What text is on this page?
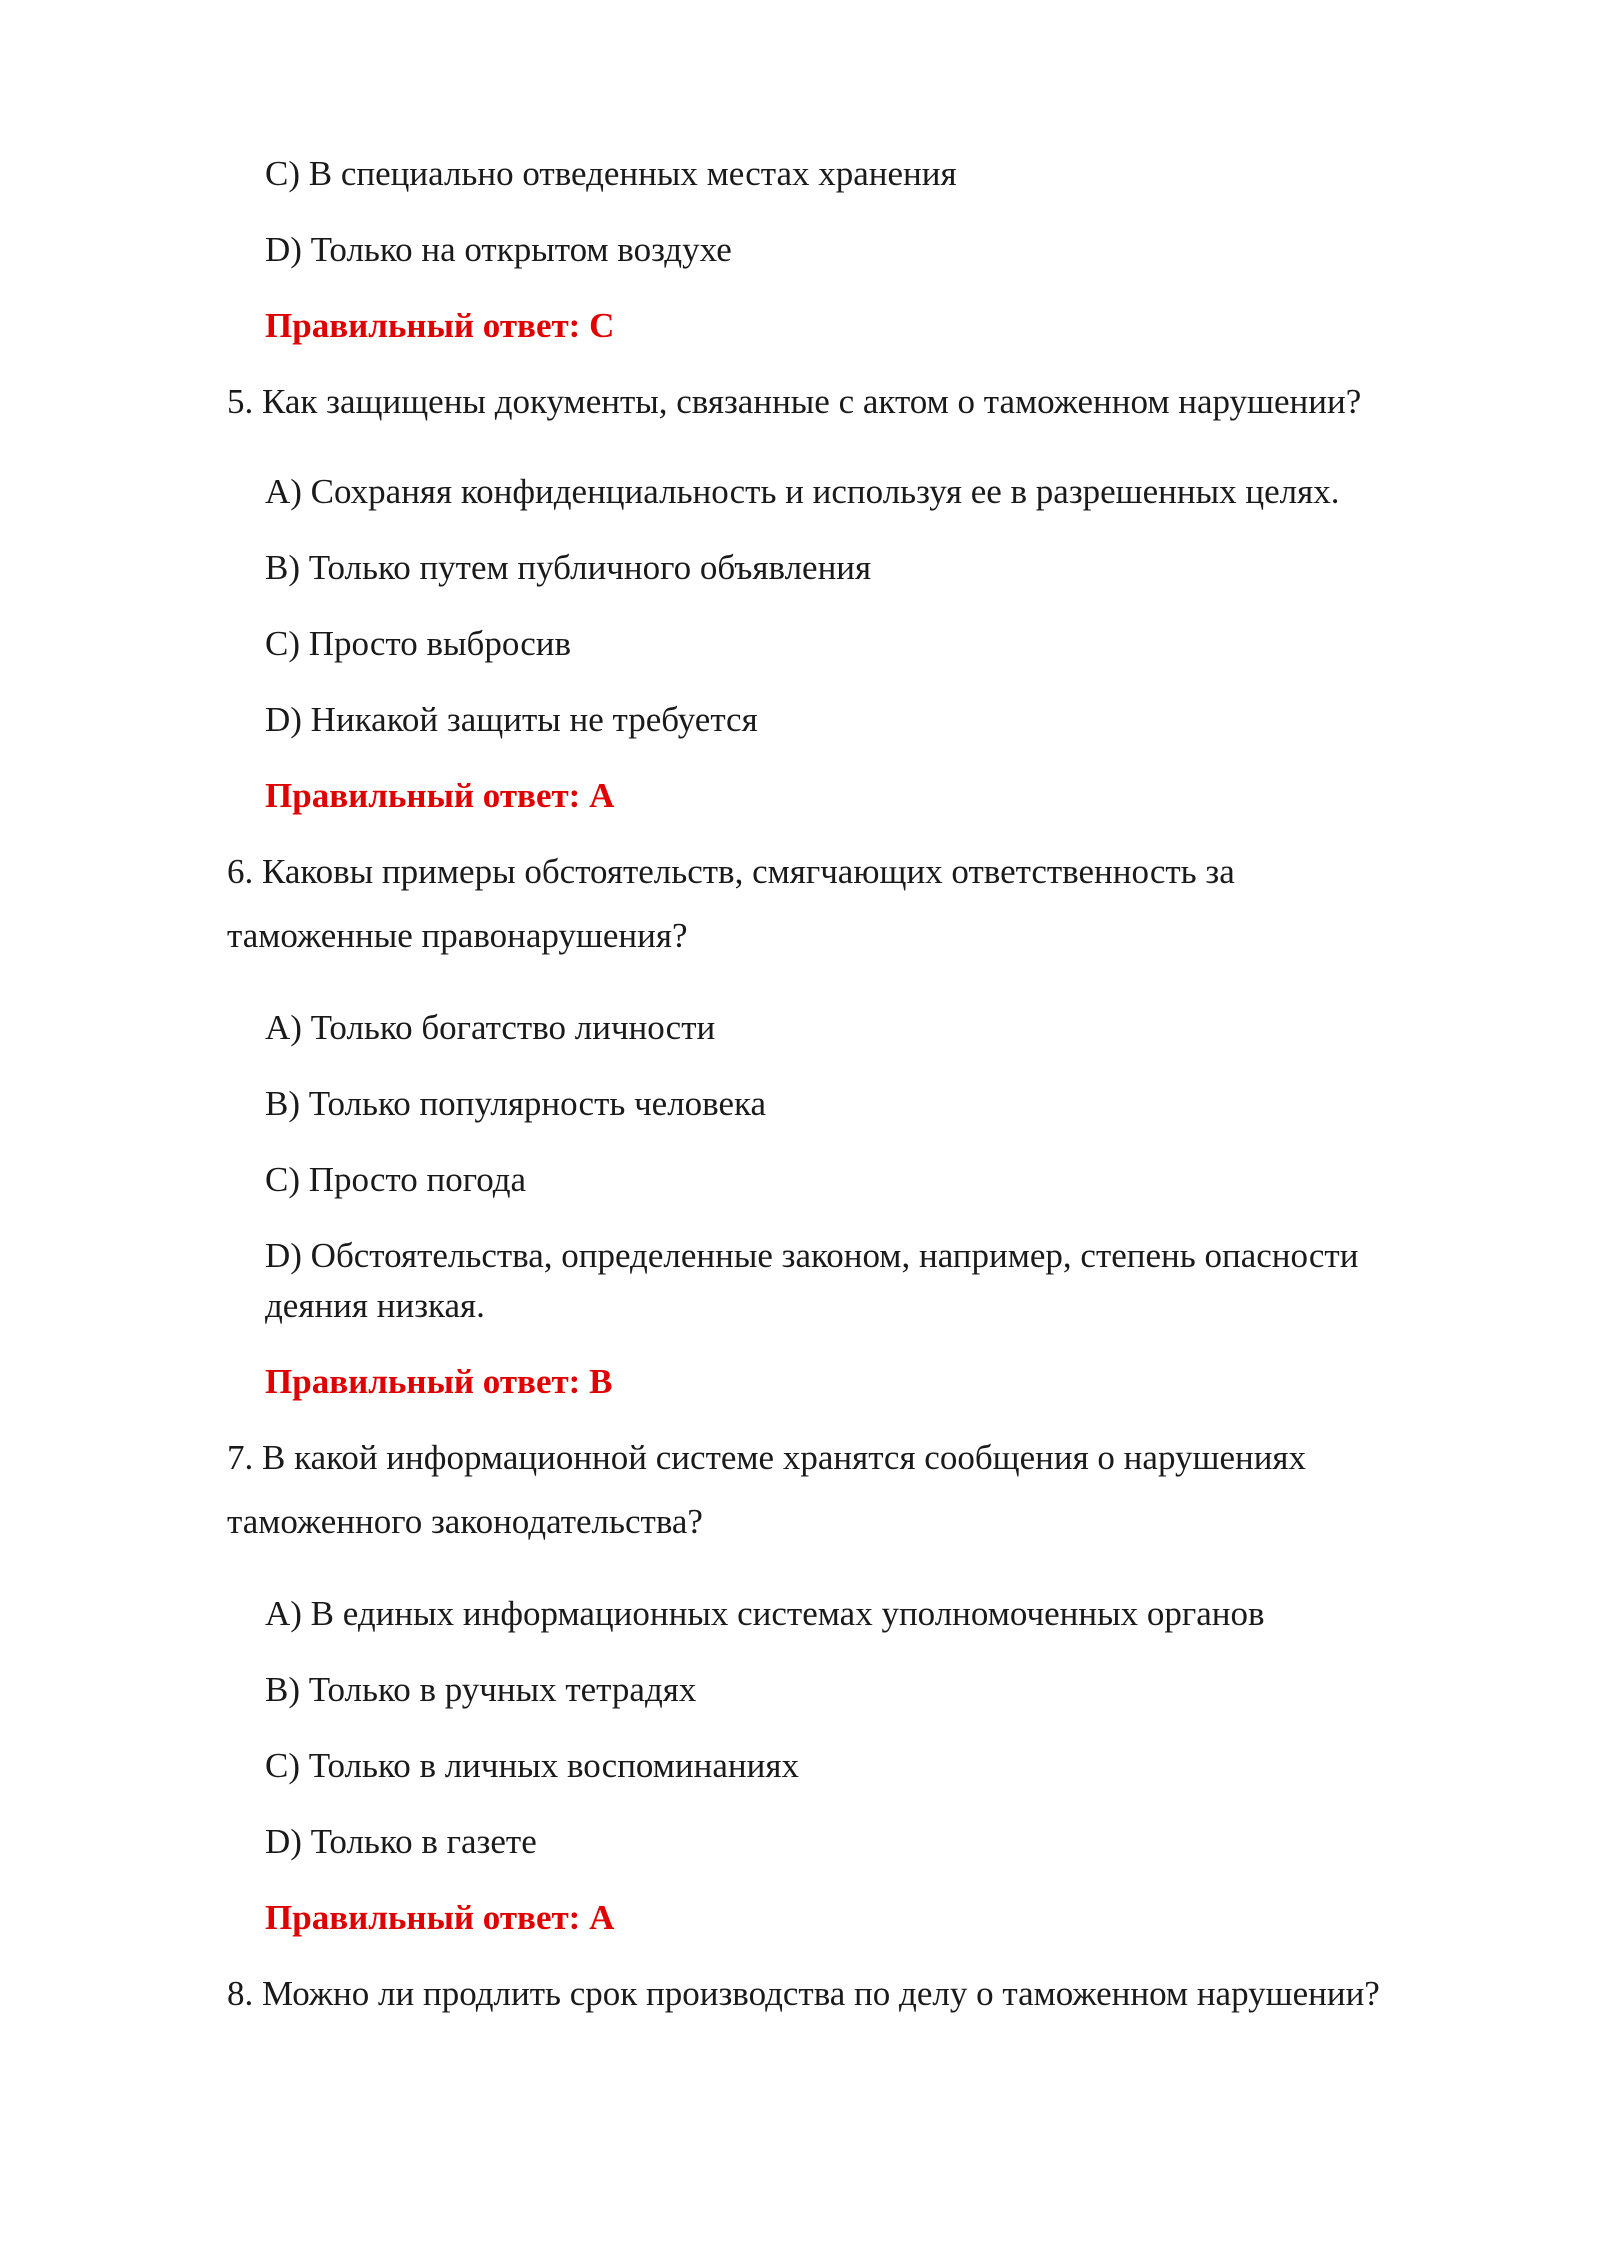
C) В специально отведенных местах хранения

D) Только на открытом воздухе

Правильный ответ: C

5. Как защищены документы, связанные с актом о таможенном нарушении?

A) Сохраняя конфиденциальность и используя ее в разрешенных целях.

B) Только путем публичного объявления

C) Просто выбросив

D) Никакой защиты не требуется

Правильный ответ: A

6. Каковы примеры обстоятельств, смягчающих ответственность за

таможенные правонарушения?

A) Только богатство личности

B) Только популярность человека

C) Просто погода

D) Обстоятельства, определенные законом, например, степень опасности

деяния низкая.

Правильный ответ: B

7. В какой информационной системе хранятся сообщения о нарушениях

таможенного законодательства?

A) В единых информационных системах уполномоченных органов

B) Только в ручных тетрадях

C) Только в личных воспоминаниях

D) Только в газете

Правильный ответ: A

8. Можно ли продлить срок производства по делу о таможенном нарушении?
